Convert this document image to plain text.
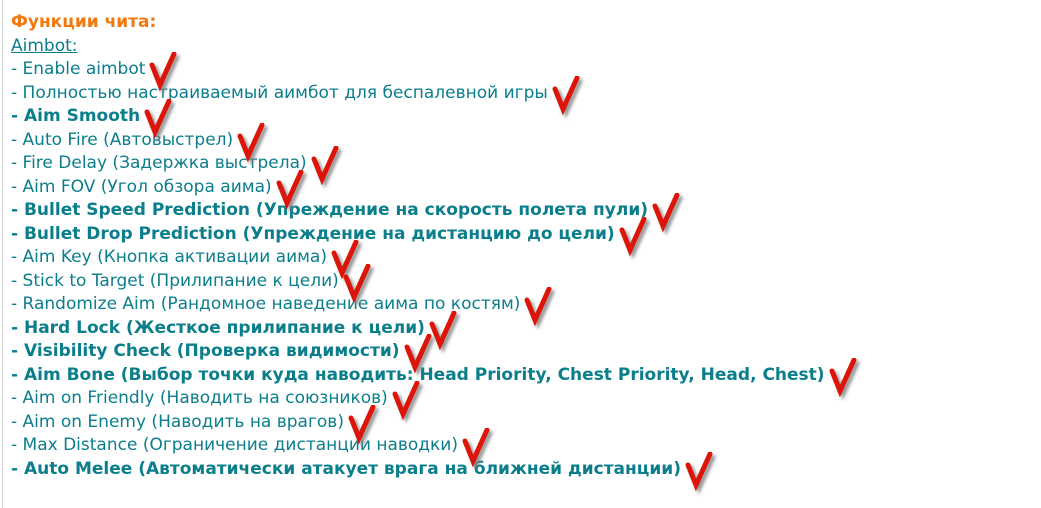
Функции чита:
Aimbot:
- Enable aimbot
- Полностью настраиваемый аимбот для беспалевной игры
- Aim Smooth
- Auto Fire (Автовыстрел)
- Fire Delay (Задержка выстрела)
- Aim FOV (Угол обзора аима)
- Bullet Speed Prediction (Упреждение на скорость полета пули)
- Bullet Drop Prediction (Упреждение на дистанцию до цели)
- Aim Key (Кнопка активации аима)
- Stick to Target (Прилипание к цели)
- Randomize Aim (Рандомное наведение аима по костям)
- Hard Lock (Жесткое прилипание к цели)
- Visibility Check (Проверка видимости)
- Aim Bone (Выбор точки куда наводить: Head Priority, Chest Priority, Head, Chest)
- Aim on Friendly (Наводить на союзников)
- Aim on Enemy (Наводить на врагов)
- Max Distance (Ограничение дистанции наводки)
- Auto Melee (Автоматически атакует врага на ближней дистанции)
